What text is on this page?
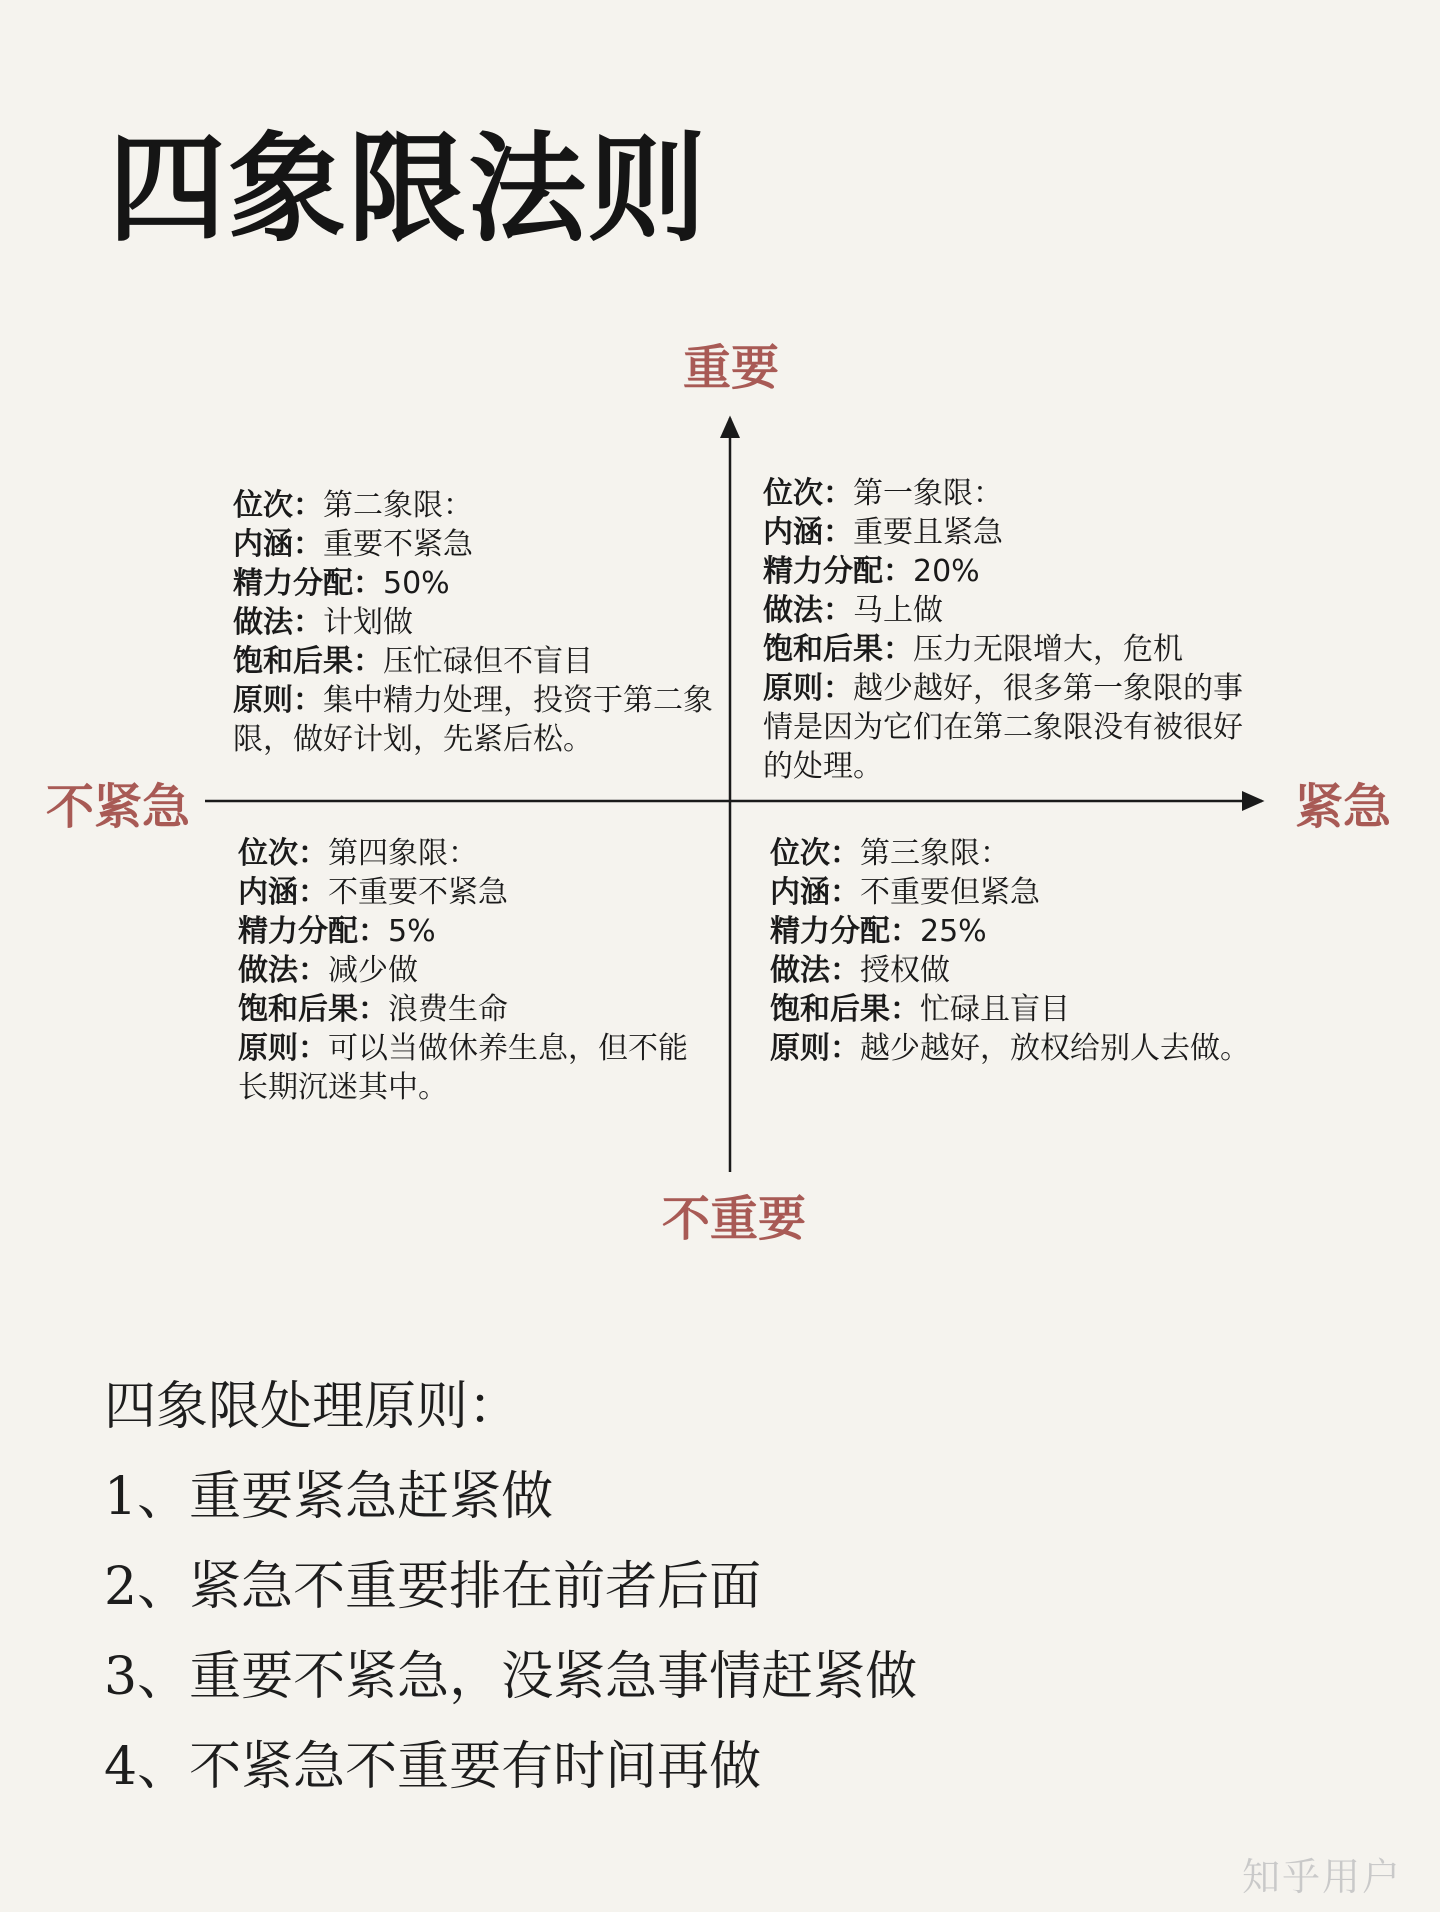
四象限法则
重要
不重要
不紧急	紧急
位次：第二象限：
内涵：重要不紧急
精力分配：50%
做法：计划做
饱和后果：压忙碌但不盲目
原则：集中精力处理，投资于第二象限，做好计划，先紧后松。
位次：第一象限：
内涵：重要且紧急
精力分配：20%
做法：马上做
饱和后果：压力无限增大，危机
原则：越少越好，很多第一象限的事情是因为它们在第二象限没有被很好的处理。
位次：第四象限：
内涵：不重要不紧急
精力分配：5%
做法：减少做
饱和后果：浪费生命
原则：可以当做休养生息，但不能长期沉迷其中。
位次：第三象限：
内涵：不重要但紧急
精力分配：25%
做法：授权做
饱和后果：忙碌且盲目
原则：越少越好，放权给别人去做。
四象限处理原则：
1、重要紧急赶紧做
2、紧急不重要排在前者后面
3、重要不紧急，没紧急事情赶紧做
4、不紧急不重要有时间再做
知乎用户
